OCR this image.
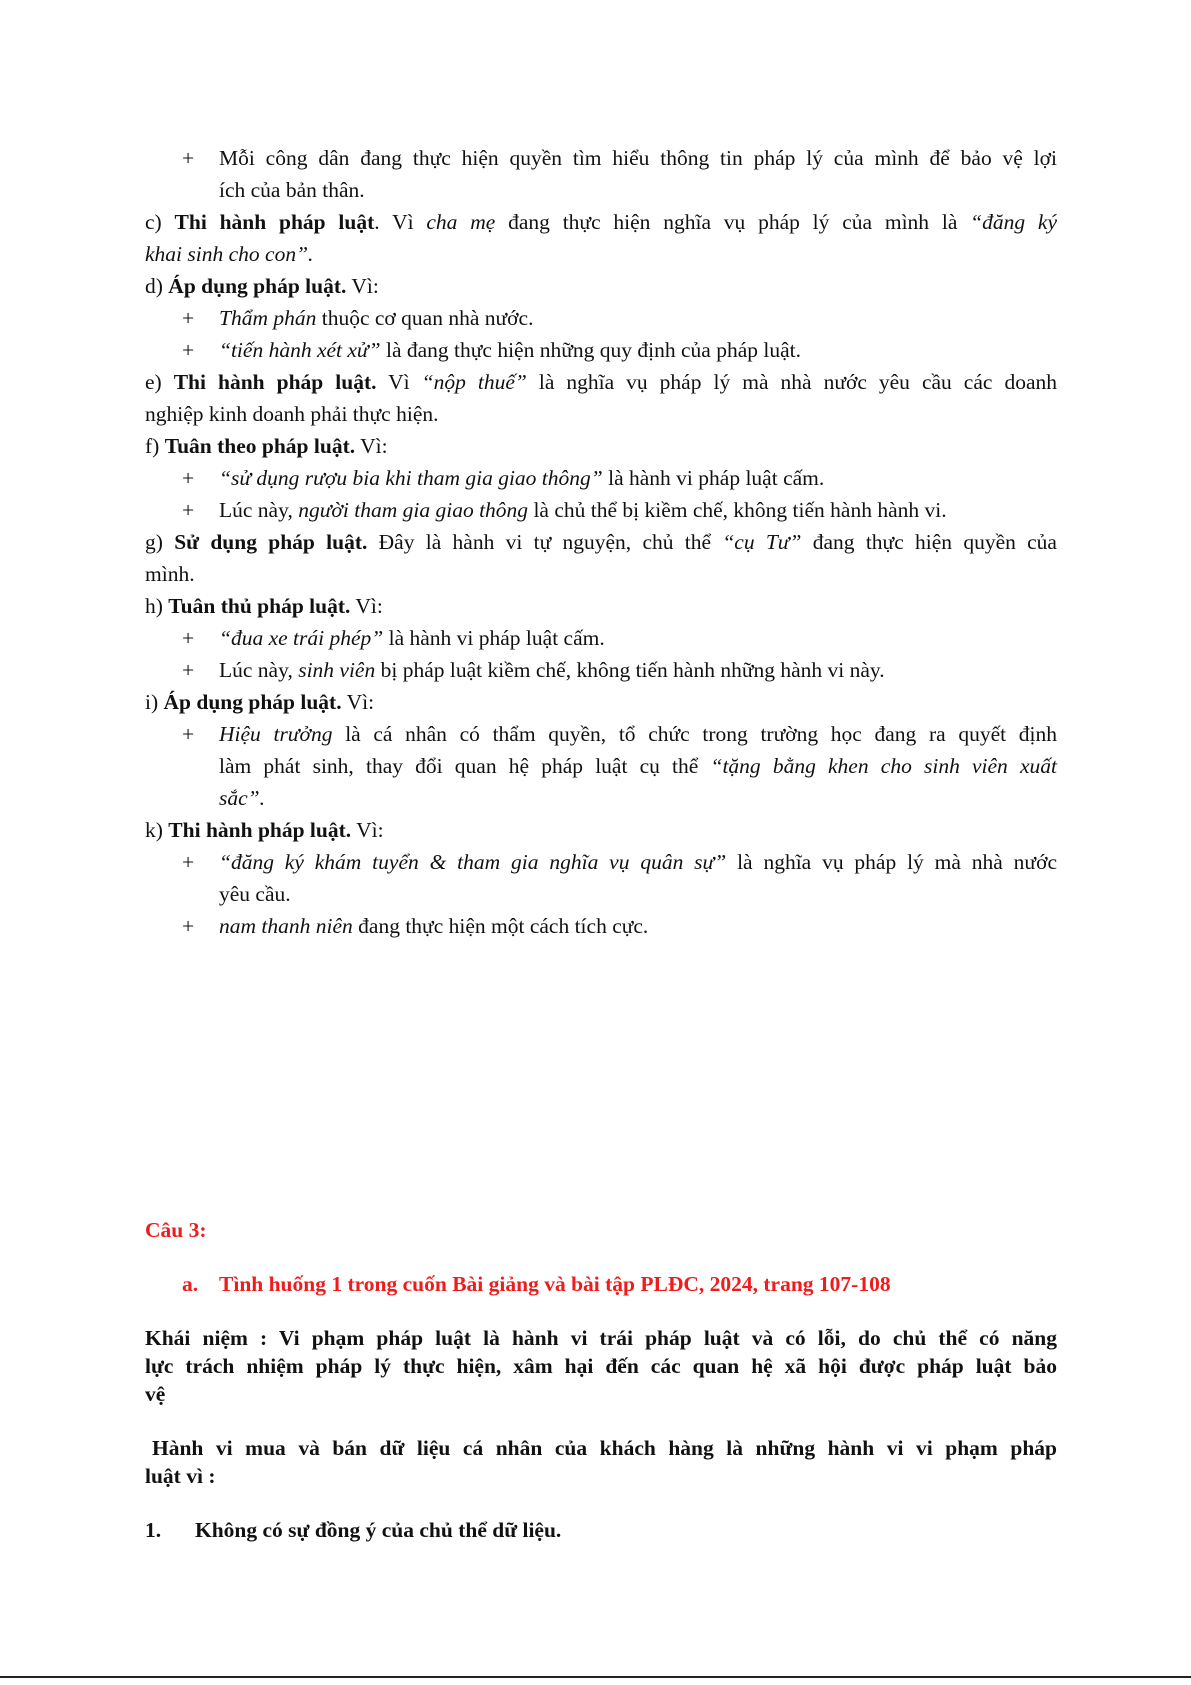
+ Mỗi công dân đang thực hiện quyền tìm hiểu thông tin pháp lý của mình để bảo vệ lợi
ích của bản thân.
c) Thi hành pháp luật. Vì cha mẹ đang thực hiện nghĩa vụ pháp lý của mình là “đăng ký
khai sinh cho con”.
d) Áp dụng pháp luật. Vì:
+ Thẩm phán thuộc cơ quan nhà nước.
+ “tiến hành xét xử” là đang thực hiện những quy định của pháp luật.
e) Thi hành pháp luật. Vì “nộp thuế” là nghĩa vụ pháp lý mà nhà nước yêu cầu các doanh
nghiệp kinh doanh phải thực hiện.
f) Tuân theo pháp luật. Vì:
+ “sử dụng rượu bia khi tham gia giao thông” là hành vi pháp luật cấm.
+ Lúc này, người tham gia giao thông là chủ thể bị kiềm chế, không tiến hành hành vi.
g) Sử dụng pháp luật. Đây là hành vi tự nguyện, chủ thể “cụ Tư” đang thực hiện quyền của
mình.
h) Tuân thủ pháp luật. Vì:
+ “đua xe trái phép” là hành vi pháp luật cấm.
+ Lúc này, sinh viên bị pháp luật kiềm chế, không tiến hành những hành vi này.
i) Áp dụng pháp luật. Vì:
+ Hiệu trưởng là cá nhân có thẩm quyền, tổ chức trong trường học đang ra quyết định
làm phát sinh, thay đổi quan hệ pháp luật cụ thể “tặng bằng khen cho sinh viên xuất
sắc”.
k) Thi hành pháp luật. Vì:
+ “đăng ký khám tuyển & tham gia nghĩa vụ quân sự” là nghĩa vụ pháp lý mà nhà nước
yêu cầu.
+ nam thanh niên đang thực hiện một cách tích cực.
Câu 3:
a. Tình huống 1 trong cuốn Bài giảng và bài tập PLĐC, 2024, trang 107-108
Khái niệm : Vi phạm pháp luật là hành vi trái pháp luật và có lỗi, do chủ thể có năng
lực trách nhiệm pháp lý thực hiện, xâm hại đến các quan hệ xã hội được pháp luật bảo
vệ
Hành vi mua và bán dữ liệu cá nhân của khách hàng là những hành vi vi phạm pháp
luật vì :
1. Không có sự đồng ý của chủ thể dữ liệu.
